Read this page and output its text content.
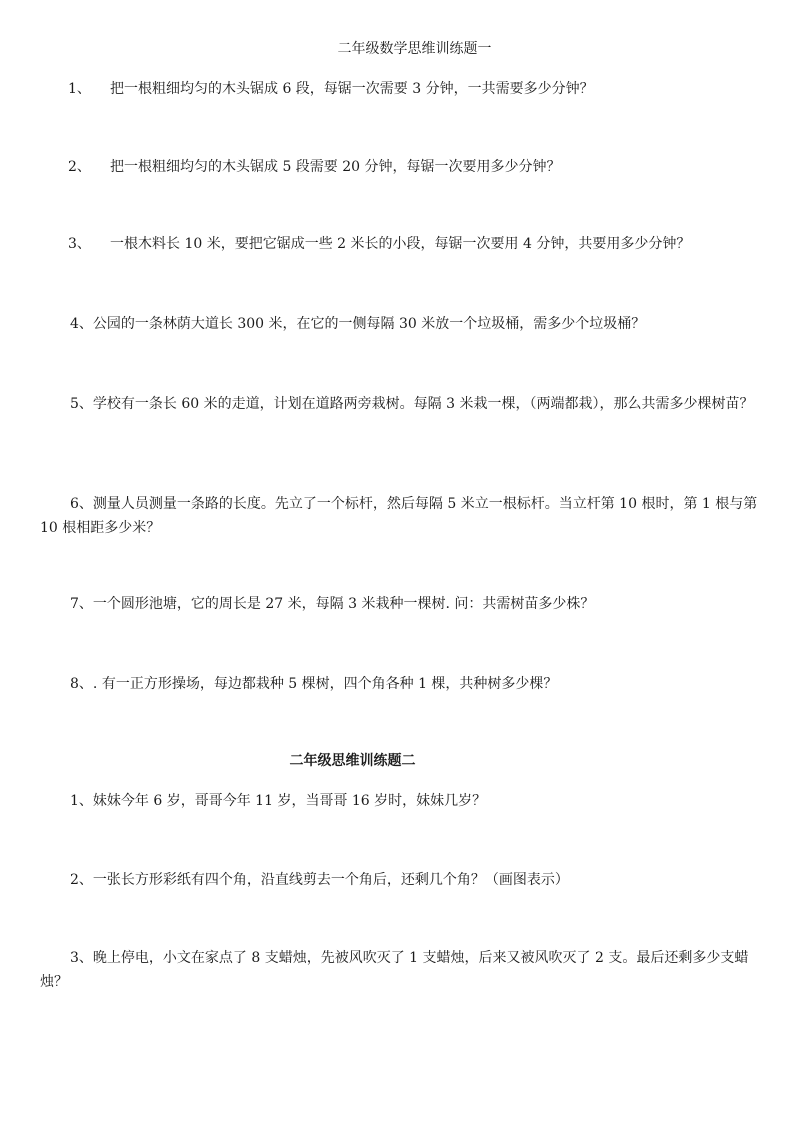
二年级数学思维训练题一
1、 把一根粗细均匀的木头锯成 6 段，每锯一次需要 3 分钟，一共需要多少分钟？
2、 把一根粗细均匀的木头锯成 5 段需要 20 分钟，每锯一次要用多少分钟？
3、 一根木料长 10 米，要把它锯成一些 2 米长的小段，每锯一次要用 4 分钟，共要用多少分钟？
4、公园的一条林荫大道长 300 米，在它的一侧每隔 30 米放一个垃圾桶，需多少个垃圾桶？
5、学校有一条长 60 米的走道，计划在道路两旁栽树。每隔 3 米栽一棵，（两端都栽），那么共需多少棵树苗？
6、测量人员测量一条路的长度。先立了一个标杆，然后每隔 5 米立一根标杆。当立杆第 10 根时，第 1 根与第 10 根相距多少米？
7、一个圆形池塘，它的周长是 27 米，每隔 3 米栽种一棵树. 问：共需树苗多少株？
8、. 有一正方形操场，每边都栽种 5 棵树，四个角各种 1 棵，共种树多少棵？
二年级思维训练题二
1、妹妹今年 6 岁，哥哥今年 11 岁，当哥哥 16 岁时，妹妹几岁？
2、一张长方形彩纸有四个角，沿直线剪去一个角后，还剩几个角？（画图表示）
3、晚上停电，小文在家点了 8 支蜡烛，先被风吹灭了 1 支蜡烛，后来又被风吹灭了 2 支。最后还剩多少支蜡烛？
